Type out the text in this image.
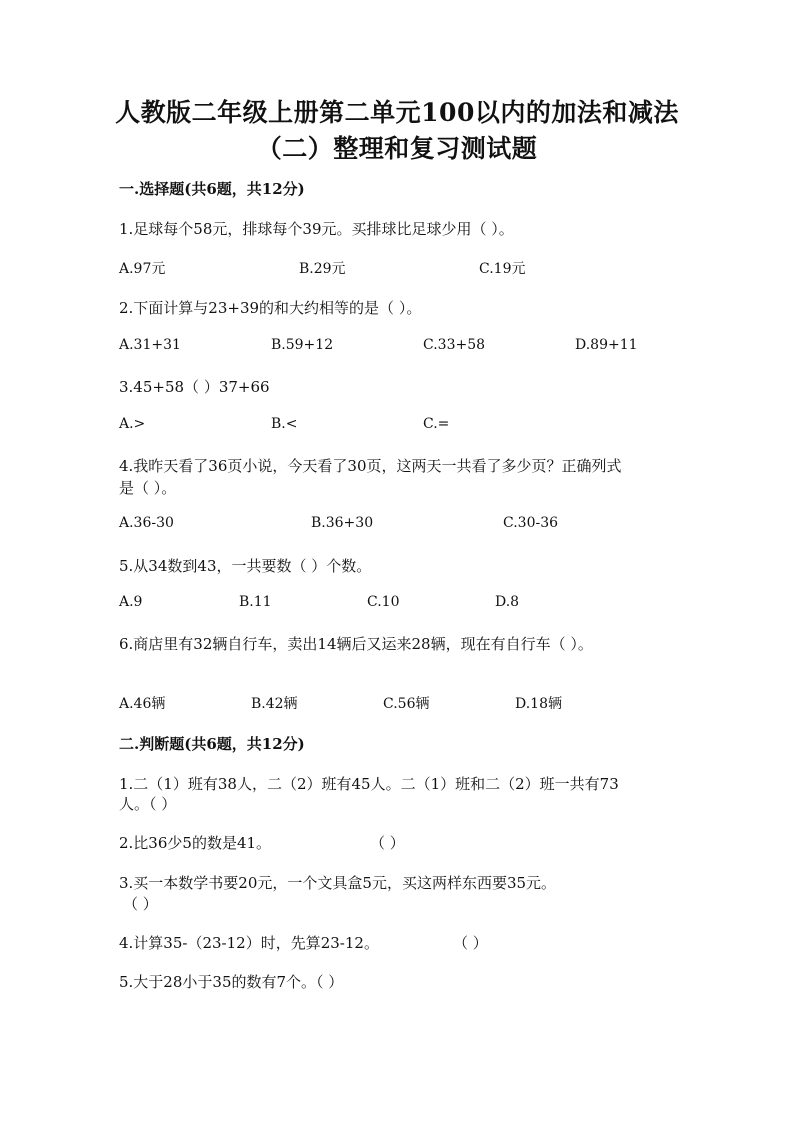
人教版二年级上册第二单元100以内的加法和减法
（二）整理和复习测试题
一.选择题(共6题，共12分)
1.足球每个58元，排球每个39元。买排球比足球少用（ ）。
A.97元	B.29元	C.19元
2.下面计算与23+39的和大约相等的是（ ）。
A.31+31	B.59+12	C.33+58	D.89+11
3.45+58（ ）37+66
A.>	B.<	C.=
4.我昨天看了36页小说，今天看了30页，这两天一共看了多少页？正确列式
是（ ）。
A.36-30	B.36+30	C.30-36
5.从34数到43，一共要数（ ）个数。
A.9	B.11	C.10	D.8
6.商店里有32辆自行车，卖出14辆后又运来28辆，现在有自行车（ ）。
A.46辆	B.42辆	C.56辆	D.18辆
二.判断题(共6题，共12分)
1.二（1）班有38人，二（2）班有45人。二（1）班和二（2）班一共有73
人。（ ）
2.比36少5的数是41。	（ ）
3.买一本数学书要20元，一个文具盒5元，买这两样东西要35元。
（ ）
4.计算35-（23-12）时，先算23-12。	（ ）
5.大于28小于35的数有7个。（ ）
